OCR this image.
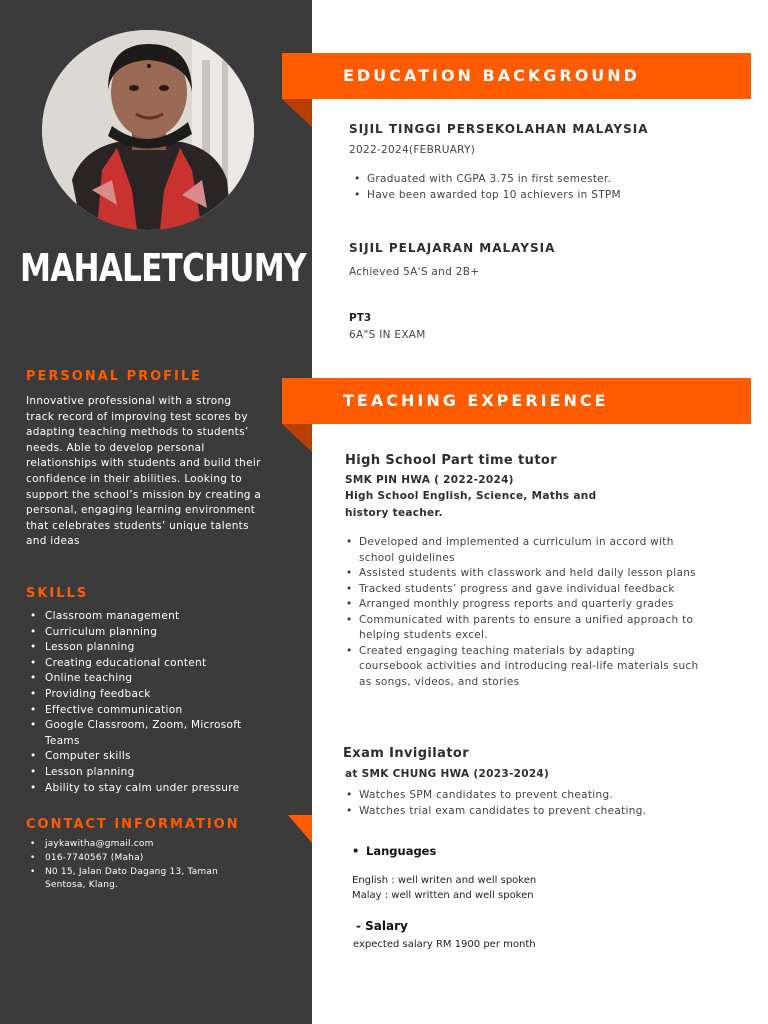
MAHALETCHUMY
PERSONAL PROFILE
Innovative professional with a strong track record of improving test scores by adapting teaching methods to students’ needs. Able to develop personal relationships with students and build their confidence in their abilities. Looking to support the school’s mission by creating a personal, engaging learning environment that celebrates students’ unique talents and ideas
SKILLS
• Classroom management
• Curriculum planning
• Lesson planning
• Creating educational content
• Online teaching
• Providing feedback
• Effective communication
• Google Classroom, Zoom, Microsoft Teams
• Computer skills
• Lesson planning
• Ability to stay calm under pressure
CONTACT INFORMATION
• jaykawitha@gmail.com
• 016-7740567 (Maha)
• N0 15, Jalan Dato Dagang 13, Taman Sentosa, Klang.
EDUCATION BACKGROUND
SIJIL TINGGI PERSEKOLAHAN MALAYSIA
2022-2024(FEBRUARY)
• Graduated with CGPA 3.75 in first semester.
• Have been awarded top 10 achievers in STPM
SIJIL PELAJARAN MALAYSIA
Achieved 5A'S and 2B+
PT3
6A"S IN EXAM
TEACHING EXPERIENCE
High School Part time tutor
SMK PIN HWA ( 2022-2024)
High School English, Science, Maths and
history teacher.
• Developed and implemented a curriculum in accord with school guidelines
• Assisted students with classwork and held daily lesson plans
• Tracked students’ progress and gave individual feedback
• Arranged monthly progress reports and quarterly grades
• Communicated with parents to ensure a unified approach to helping students excel.
• Created engaging teaching materials by adapting coursebook activities and introducing real-life materials such as songs, videos, and stories
Exam Invigilator
at SMK CHUNG HWA (2023-2024)
• Watches SPM candidates to prevent cheating.
• Watches trial exam candidates to prevent cheating.
• Languages
English : well writen and well spoken
Malay : well written and well spoken
- Salary
expected salary RM 1900 per month
